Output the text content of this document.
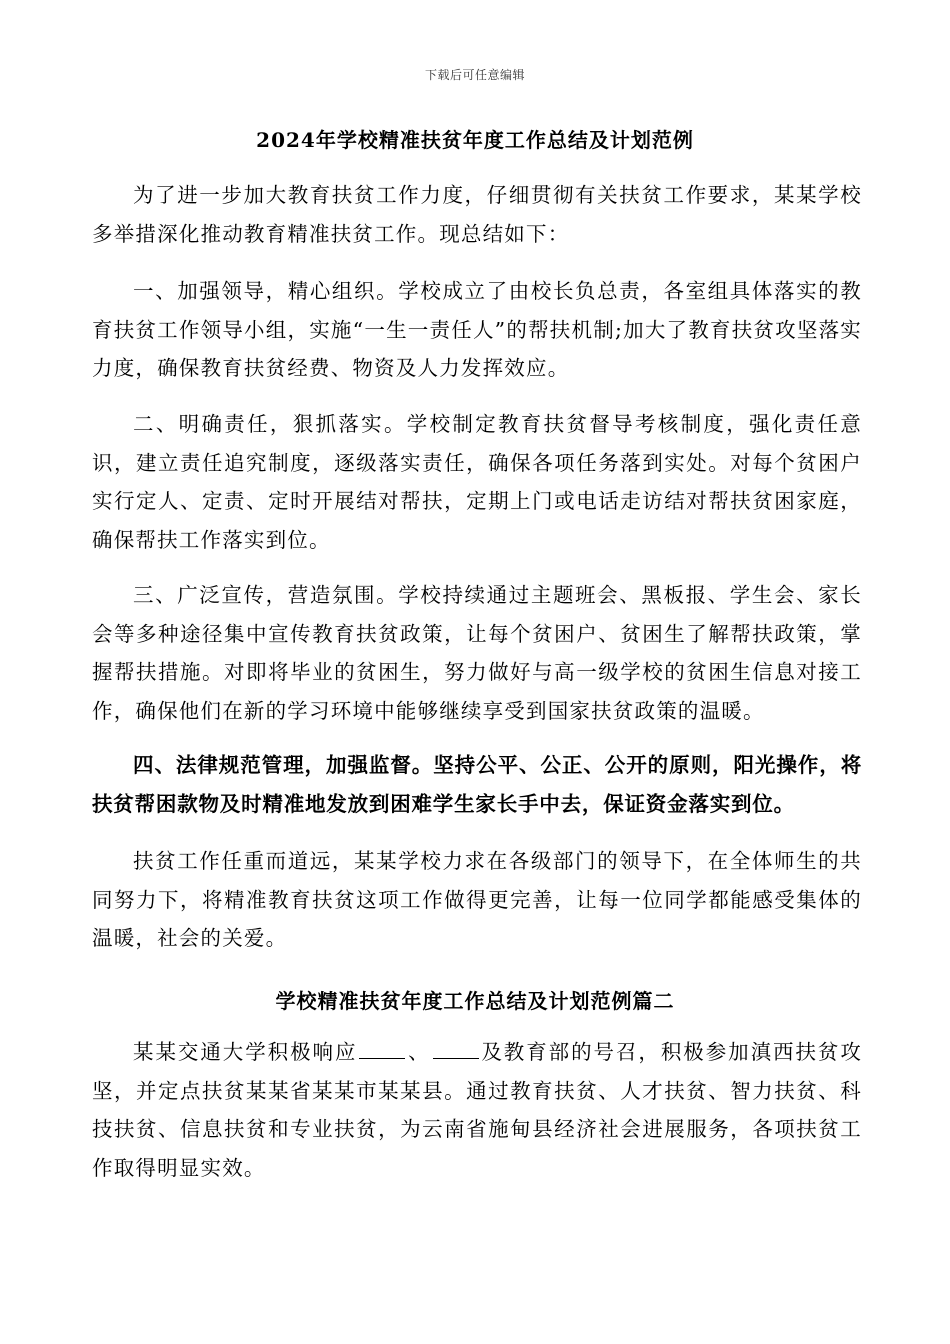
下载后可任意编辑
2024年学校精准扶贫年度工作总结及计划范例
为了进一步加大教育扶贫工作力度，仔细贯彻有关扶贫工作要求，某某学校多举措深化推动教育精准扶贫工作。现总结如下：
一、加强领导，精心组织。学校成立了由校长负总责，各室组具体落实的教育扶贫工作领导小组，实施“一生一责任人”的帮扶机制;加大了教育扶贫攻坚落实力度，确保教育扶贫经费、物资及人力发挥效应。
二、明确责任，狠抓落实。学校制定教育扶贫督导考核制度，强化责任意识，建立责任追究制度，逐级落实责任，确保各项任务落到实处。对每个贫困户实行定人、定责、定时开展结对帮扶，定期上门或电话走访结对帮扶贫困家庭，确保帮扶工作落实到位。
三、广泛宣传，营造氛围。学校持续通过主题班会、黑板报、学生会、家长会等多种途径集中宣传教育扶贫政策，让每个贫困户、贫困生了解帮扶政策，掌握帮扶措施。对即将毕业的贫困生，努力做好与高一级学校的贫困生信息对接工作，确保他们在新的学习环境中能够继续享受到国家扶贫政策的温暖。
四、法律规范管理，加强监督。坚持公平、公正、公开的原则，阳光操作，将扶贫帮困款物及时精准地发放到困难学生家长手中去，保证资金落实到位。
扶贫工作任重而道远，某某学校力求在各级部门的领导下，在全体师生的共同努力下，将精准教育扶贫这项工作做得更完善，让每一位同学都能感受集体的温暖，社会的关爱。
学校精准扶贫年度工作总结及计划范例篇二
某某交通大学积极响应 、 及教育部的号召，积极参加滇西扶贫攻坚，并定点扶贫某某省某某市某某县。通过教育扶贫、人才扶贫、智力扶贫、科技扶贫、信息扶贫和专业扶贫，为云南省施甸县经济社会进展服务，各项扶贫工作取得明显实效。
